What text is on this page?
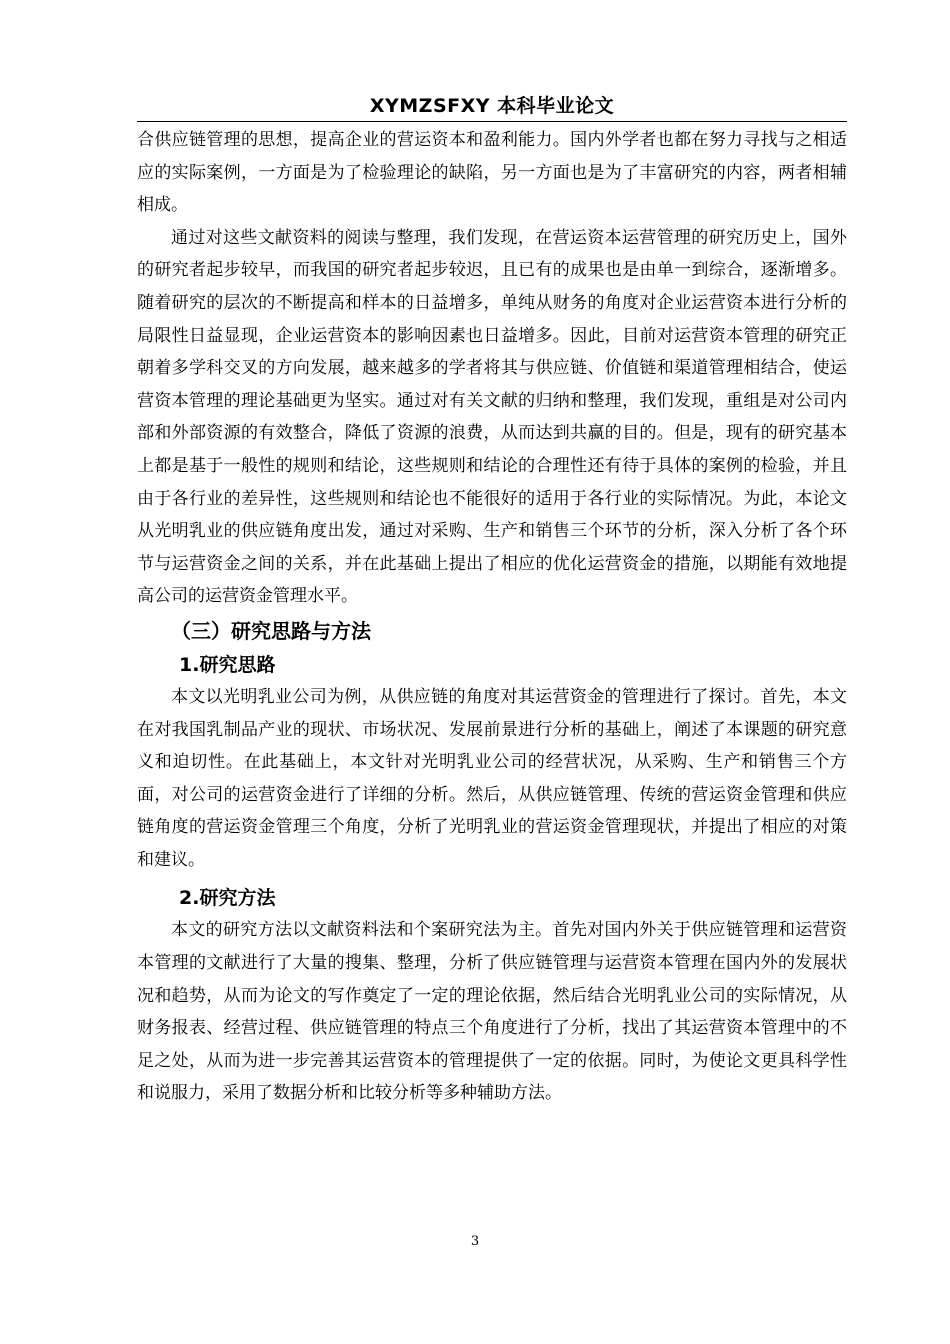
XYMZSFXY 本科毕业论文

合供应链管理的思想，提高企业的营运资本和盈利能力。国内外学者也都在努力寻找与之相适应的实际案例，一方面是为了检验理论的缺陷，另一方面也是为了丰富研究的内容，两者相辅相成。

通过对这些文献资料的阅读与整理，我们发现，在营运资本运营管理的研究历史上，国外的研究者起步较早，而我国的研究者起步较迟，且已有的成果也是由单一到综合，逐渐增多。随着研究的层次的不断提高和样本的日益增多，单纯从财务的角度对企业运营资本进行分析的局限性日益显现，企业运营资本的影响因素也日益增多。因此，目前对运营资本管理的研究正朝着多学科交叉的方向发展，越来越多的学者将其与供应链、价值链和渠道管理相结合，使运营资本管理的理论基础更为坚实。通过对有关文献的归纳和整理，我们发现，重组是对公司内部和外部资源的有效整合，降低了资源的浪费，从而达到共赢的目的。但是，现有的研究基本上都是基于一般性的规则和结论，这些规则和结论的合理性还有待于具体的案例的检验，并且由于各行业的差异性，这些规则和结论也不能很好的适用于各行业的实际情况。为此，本论文从光明乳业的供应链角度出发，通过对采购、生产和销售三个环节的分析，深入分析了各个环节与运营资金之间的关系，并在此基础上提出了相应的优化运营资金的措施，以期能有效地提高公司的运营资金管理水平。

（三）研究思路与方法
1.研究思路

本文以光明乳业公司为例，从供应链的角度对其运营资金的管理进行了探讨。首先，本文在对我国乳制品产业的现状、市场状况、发展前景进行分析的基础上，阐述了本课题的研究意义和迫切性。在此基础上，本文针对光明乳业公司的经营状况，从采购、生产和销售三个方面，对公司的运营资金进行了详细的分析。然后，从供应链管理、传统的营运资金管理和供应链角度的营运资金管理三个角度，分析了光明乳业的营运资金管理现状，并提出了相应的对策和建议。

2.研究方法

本文的研究方法以文献资料法和个案研究法为主。首先对国内外关于供应链管理和运营资本管理的文献进行了大量的搜集、整理，分析了供应链管理与运营资本管理在国内外的发展状况和趋势，从而为论文的写作奠定了一定的理论依据，然后结合光明乳业公司的实际情况，从财务报表、经营过程、供应链管理的特点三个角度进行了分析，找出了其运营资本管理中的不足之处，从而为进一步完善其运营资本的管理提供了一定的依据。同时，为使论文更具科学性和说服力，采用了数据分析和比较分析等多种辅助方法。

3
